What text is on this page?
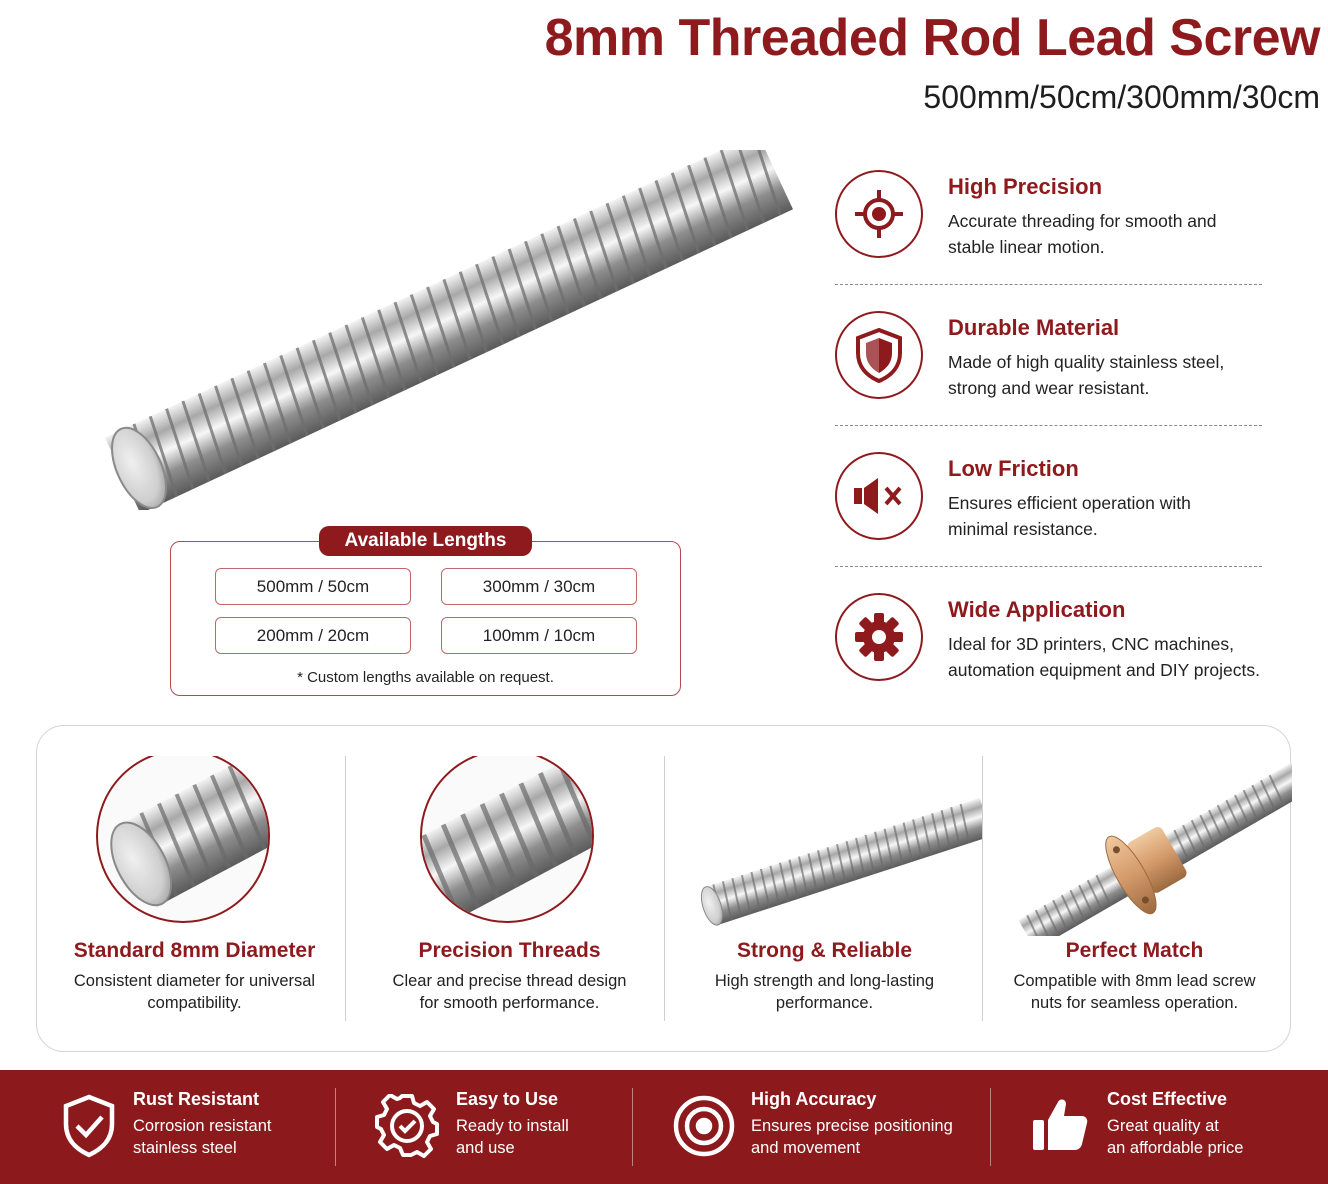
8mm Threaded Rod Lead Screw
500mm/50cm/300mm/30cm
High Precision
Accurate threading for smooth and
stable linear motion.
Durable Material
Made of high quality stainless steel,
strong and wear resistant.
Low Friction
Ensures efficient operation with
minimal resistance.
Wide Application
Ideal for 3D printers, CNC machines,
automation equipment and DIY projects.
Available Lengths
500mm / 50cm	300mm / 30cm
200mm / 20cm	100mm / 10cm
* Custom lengths available on request.
Standard 8mm Diameter
Consistent diameter for universal
compatibility.
Precision Threads
Clear and precise thread design
for smooth performance.
Strong & Reliable
High strength and long-lasting
performance.
Perfect Match
Compatible with 8mm lead screw
nuts for seamless operation.
Rust Resistant
Corrosion resistant
stainless steel
Easy to Use
Ready to install
and use
High Accuracy
Ensures precise positioning
and movement
Cost Effective
Great quality at
an affordable price
